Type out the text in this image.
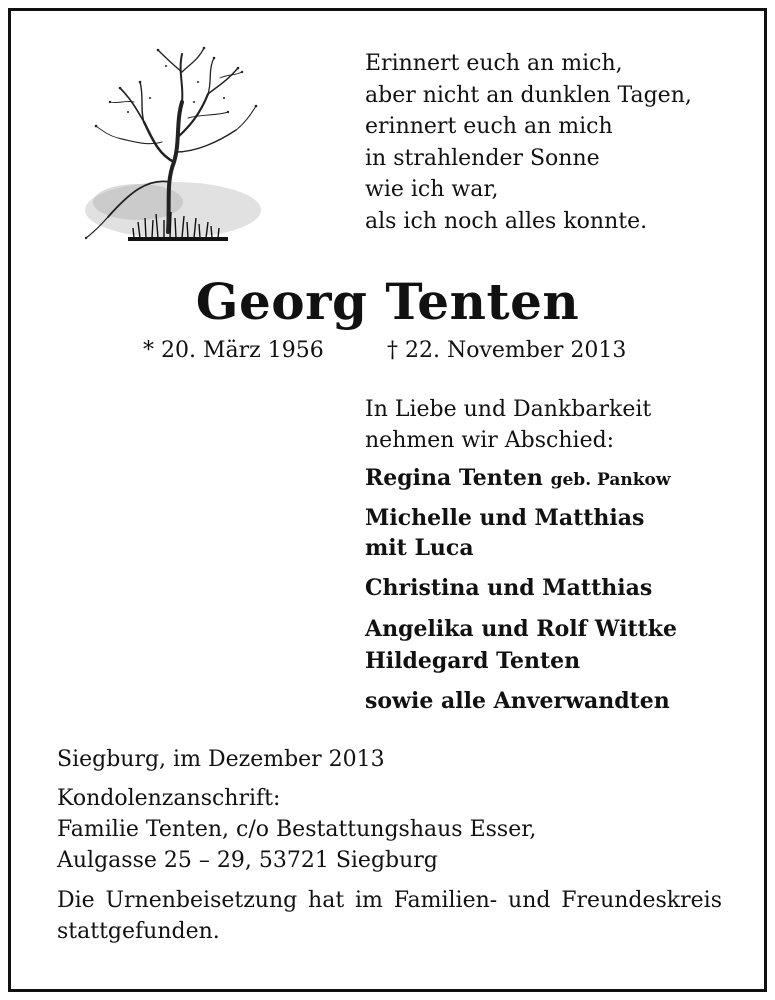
Erinnert euch an mich,
aber nicht an dunklen Tagen,
erinnert euch an mich
in strahlender Sonne
wie ich war,
als ich noch alles konnte.
Georg Tenten
* 20. März 1956	† 22. November 2013
In Liebe und Dankbarkeit
nehmen wir Abschied:
Regina Tenten geb. Pankow
Michelle und Matthias
mit Luca
Christina und Matthias
Angelika und Rolf Wittke
Hildegard Tenten
sowie alle Anverwandten
Siegburg, im Dezember 2013
Kondolenzanschrift:
Familie Tenten, c/o Bestattungshaus Esser,
Aulgasse 25 – 29, 53721 Siegburg
Die Urnenbeisetzung hat im Familien- und Freundeskreis
stattgefunden.
